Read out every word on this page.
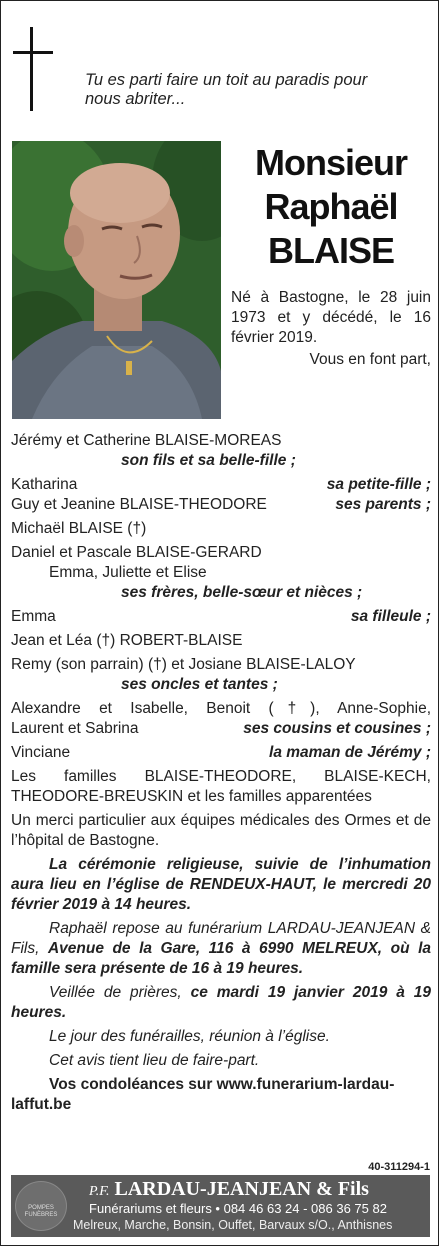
Tu es parti faire un toit au paradis pour
nous abriter...
Monsieur
Raphaël
BLAISE
Né à Bastogne, le 28 juin 1973 et y décédé, le 16 février 2019.
Vous en font part,
Jérémy et Catherine BLAISE-MOREAS
son fils et sa belle-fille ;
Katharina	sa petite-fille ;
Guy et Jeanine BLAISE-THEODORE	ses parents ;
Michaël BLAISE (†)
Daniel et Pascale BLAISE-GERARD
Emma, Juliette et Elise
ses frères, belle-sœur et nièces ;
Emma	sa filleule ;
Jean et Léa (†) ROBERT-BLAISE
Remy (son parrain) (†) et Josiane BLAISE-LALOY
ses oncles et tantes ;
Alexandre et Isabelle, Benoit (†), Anne-Sophie,
Laurent et Sabrina	ses cousins et cousines ;
Vinciane	la maman de Jérémy ;
Les familles BLAISE-THEODORE, BLAISE-KECH, THEODORE-BREUSKIN et les familles apparentées
Un merci particulier aux équipes médicales des Ormes et de l’hôpital de Bastogne.
La cérémonie religieuse, suivie de l’inhumation aura lieu en l’église de RENDEUX-HAUT, le mercredi 20 février 2019 à 14 heures.
Raphaël repose au funérarium LARDAU-JEANJEAN & Fils, Avenue de la Gare, 116 à 6990 MELREUX, où la famille sera présente de 16 à 19 heures.
Veillée de prières, ce mardi 19 janvier 2019 à 19 heures.
Le jour des funérailles, réunion à l’église.
Cet avis tient lieu de faire-part.
Vos condoléances sur www.funerarium-lardau-laffut.be
40-311294-1
POMPES FUNÈBRES
P.F. LARDAU-JEANJEAN & Fils
Funérariums et fleurs • 084 46 63 24 - 086 36 75 82
Melreux, Marche, Bonsin, Ouffet, Barvaux s/O., Anthisnes
